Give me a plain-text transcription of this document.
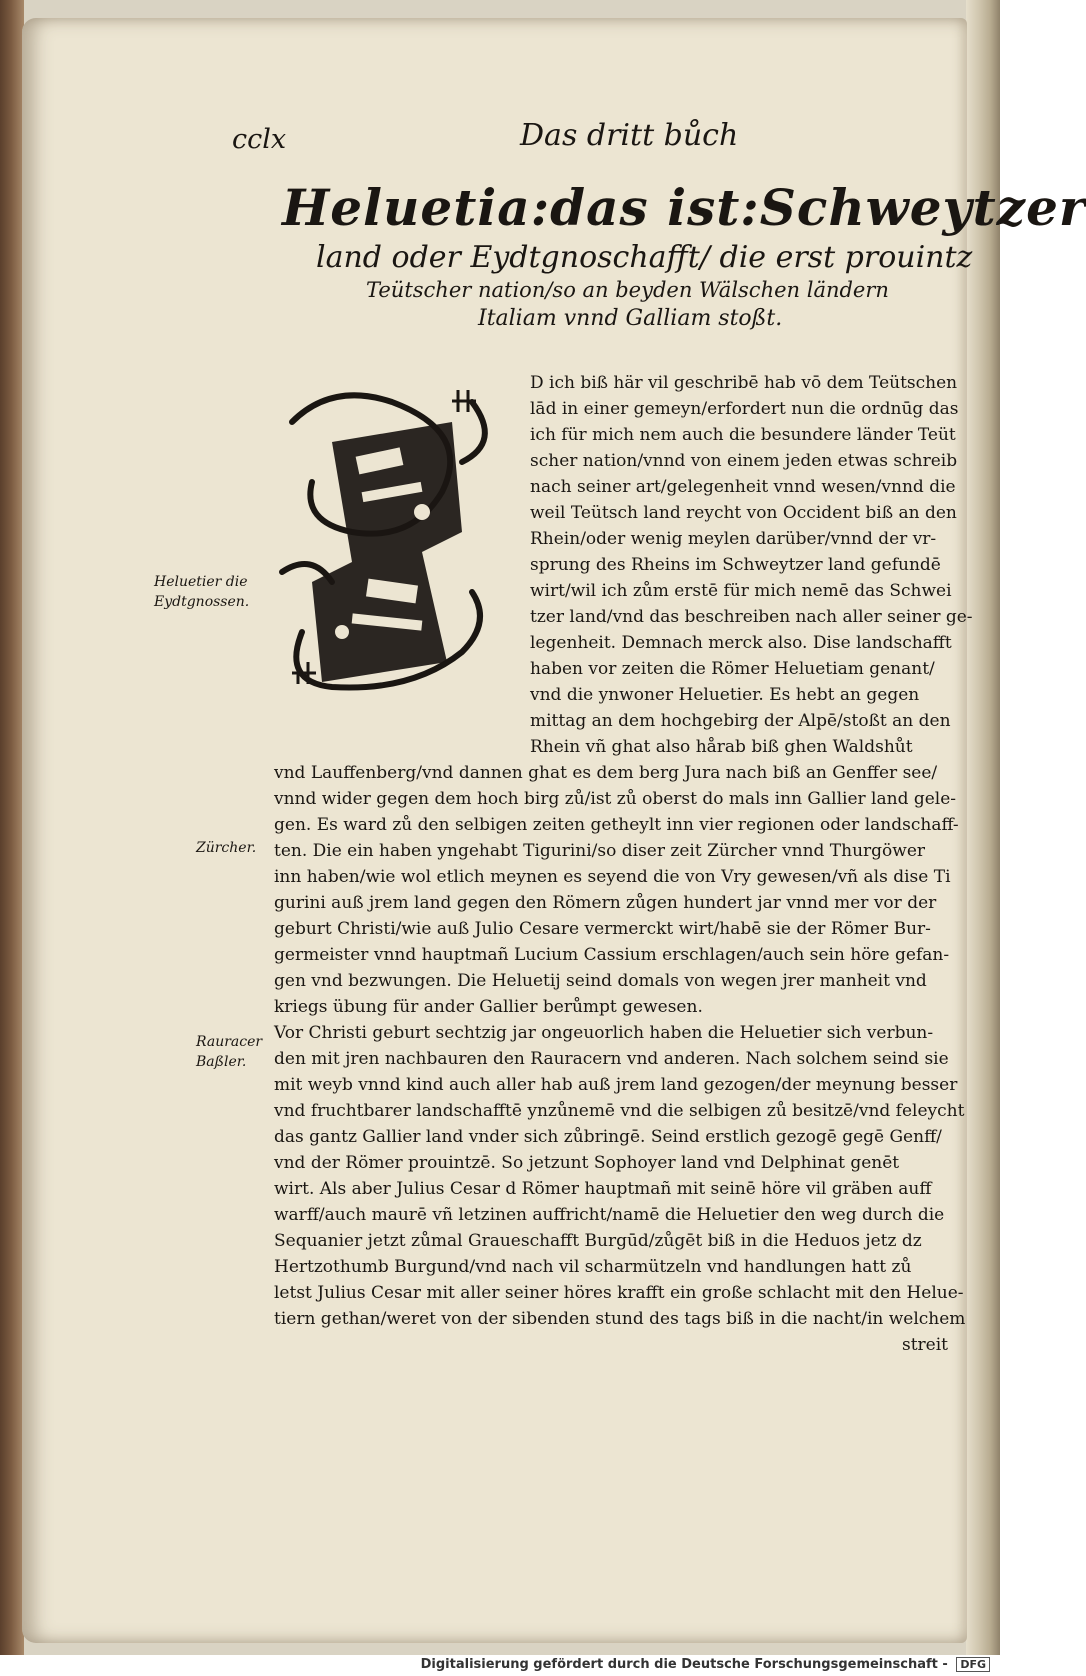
cclx	Das dritt bůch
Heluetia:das ist:Schweytzer
land oder Eydtgnoschafft/ die erst prouintz
Teütscher nation/so an beyden Wälschen ländern
Italiam vnnd Galliam stoßt.
D ich biß här vil geschribē hab vō dem Teütschen
lād in einer gemeyn/erfordert nun die ordnūg das
ich für mich nem auch die besundere länder Teüt
scher nation/vnnd von einem jeden etwas schreib
nach seiner art/gelegenheit vnnd wesen/vnnd die
weil Teütsch land reycht von Occident biß an den
Rhein/oder wenig meylen darüber/vnnd der vr-
sprung des Rheins im Schweytzer land gefundē
wirt/wil ich zům erstē für mich nemē das Schwei
tzer land/vnd das beschreiben nach aller seiner ge-
legenheit. Demnach merck also. Dise landschafft
haben vor zeiten die Römer Heluetiam genant/
vnd die ynwoner Heluetier. Es hebt an gegen
mittag an dem hochgebirg der Alpē/stoßt an den
Rhein vñ ghat also hårab biß ghen Waldshůt
vnd Lauffenberg/vnd dannen ghat es dem berg Jura nach biß an Genffer see/
vnnd wider gegen dem hoch birg zů/ist zů oberst do mals inn Gallier land gele-
gen. Es ward zů den selbigen zeiten getheylt inn vier regionen oder landschaff-
ten. Die ein haben yngehabt Tigurini/so diser zeit Zürcher vnnd Thurgöwer
inn haben/wie wol etlich meynen es seyend die von Vry gewesen/vñ als dise Ti
gurini auß jrem land gegen den Römern zůgen hundert jar vnnd mer vor der
geburt Christi/wie auß Julio Cesare vermerckt wirt/habē sie der Römer Bur-
germeister vnnd hauptmañ Lucium Cassium erschlagen/auch sein höre gefan-
gen vnd bezwungen. Die Heluetij seind domals von wegen jrer manheit vnd
kriegs übung für ander Gallier berůmpt gewesen.
Vor Christi geburt sechtzig jar ongeuorlich haben die Heluetier sich verbun-
den mit jren nachbauren den Rauracern vnd anderen. Nach solchem seind sie
mit weyb vnnd kind auch aller hab auß jrem land gezogen/der meynung besser
vnd fruchtbarer landschafftē ynzůnemē vnd die selbigen zů besitzē/vnd feleycht
das gantz Gallier land vnder sich zůbringē. Seind erstlich gezogē gegē Genff/
vnd der Römer prouintzē. So jetzunt Sophoyer land vnd Delphinat genēt
wirt. Als aber Julius Cesar d Römer hauptmañ mit seinē höre vil gräben auff
warff/auch maurē vñ letzinen auffricht/namē die Heluetier den weg durch die
Sequanier jetzt zůmal Graueschafft Burgūd/zůgēt biß in die Heduos jetz dz
Hertzothumb Burgund/vnd nach vil scharmützeln vnd handlungen hatt zů
letst Julius Cesar mit aller seiner höres krafft ein große schlacht mit den Helue-
tiern gethan/weret von der sibenden stund des tags biß in die nacht/in welchem
streit
Heluetier die
Eydtgnossen.
Zürcher.
Rauracer
Baßler.
Digitalisierung gefördert durch die Deutsche Forschungsgemeinschaft - DFG
